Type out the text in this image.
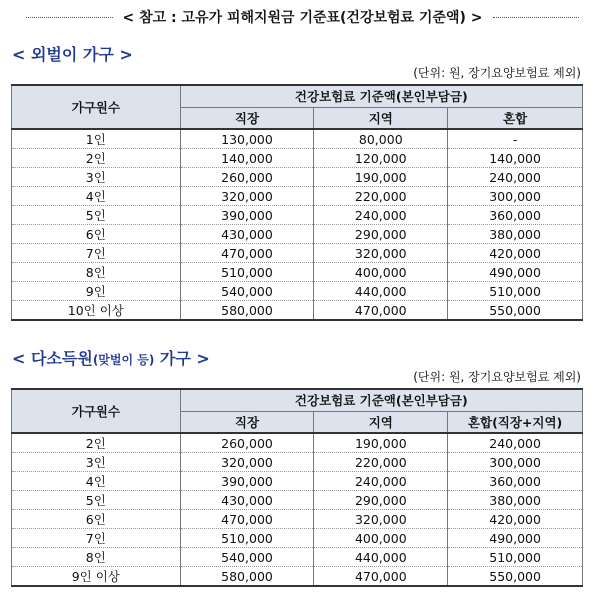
< 참고 : 고유가 피해지원금 기준표(건강보험료 기준액) >
< 외벌이 가구 >
(단위: 원, 장기요양보험료 제외)
가구원수	건강보험료 기준액(본인부담금)		
	직장	지역	혼합
1인	130,000	80,000	-
2인	140,000	120,000	140,000
3인	260,000	190,000	240,000
4인	320,000	220,000	300,000
5인	390,000	240,000	360,000
6인	430,000	290,000	380,000
7인	470,000	320,000	420,000
8인	510,000	400,000	490,000
9인	540,000	440,000	510,000
10인 이상	580,000	470,000	550,000
< 다소득원(맞벌이 등) 가구 >
(단위: 원, 장기요양보험료 제외)
가구원수	건강보험료 기준액(본인부담금)		
	직장	지역	혼합(직장+지역)
2인	260,000	190,000	240,000
3인	320,000	220,000	300,000
4인	390,000	240,000	360,000
5인	430,000	290,000	380,000
6인	470,000	320,000	420,000
7인	510,000	400,000	490,000
8인	540,000	440,000	510,000
9인 이상	580,000	470,000	550,000
